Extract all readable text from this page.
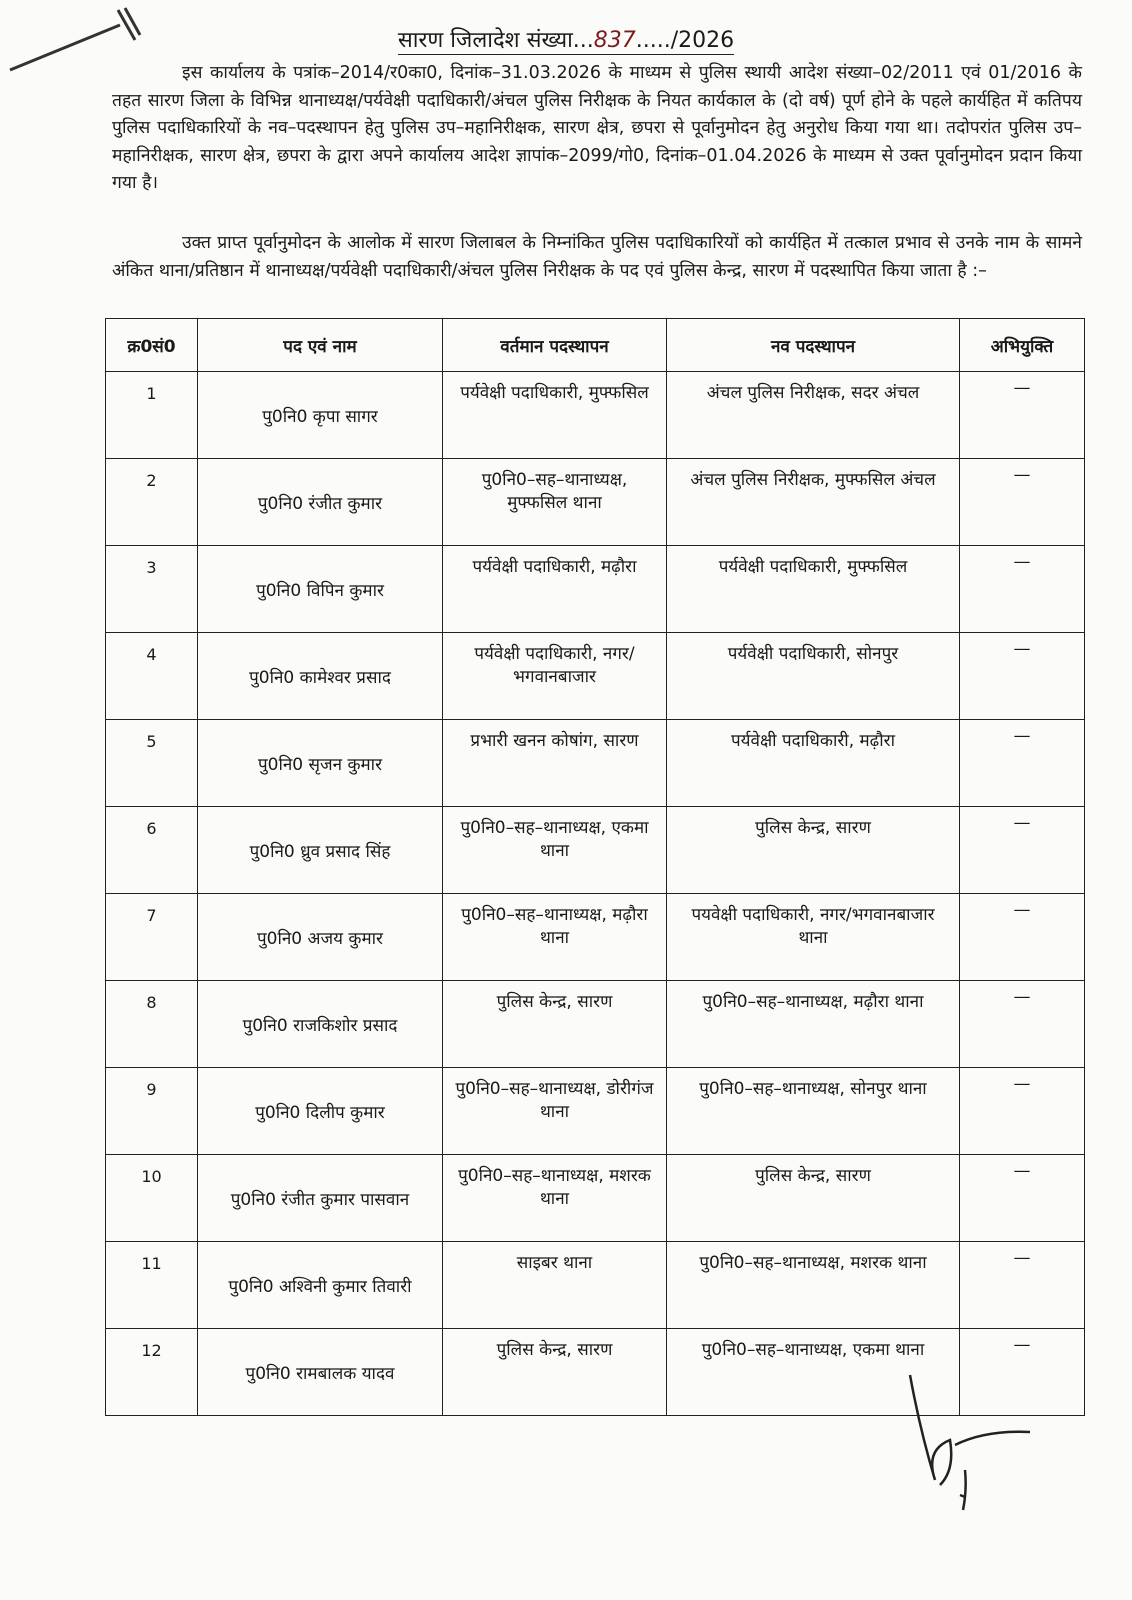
सारण जिलादेश संख्या...837...../2026
इस कार्यालय के पत्रांक–2014/र0का0, दिनांक–31.03.2026 के माध्यम से पुलिस स्थायी आदेश संख्या–02/2011 एवं 01/2016 के तहत सारण जिला के विभिन्न थानाध्यक्ष/पर्यवेक्षी पदाधिकारी/अंचल पुलिस निरीक्षक के नियत कार्यकाल के (दो वर्ष) पूर्ण होने के पहले कार्यहित में कतिपय पुलिस पदाधिकारियों के नव–पदस्थापन हेतु पुलिस उप–महानिरीक्षक, सारण क्षेत्र, छपरा से पूर्वानुमोदन हेतु अनुरोध किया गया था। तदोपरांत पुलिस उप–महानिरीक्षक, सारण क्षेत्र, छपरा के द्वारा अपने कार्यालय आदेश ज्ञापांक–2099/गो0, दिनांक–01.04.2026 के माध्यम से उक्त पूर्वानुमोदन प्रदान किया गया है।
उक्त प्राप्त पूर्वानुमोदन के आलोक में सारण जिलाबल के निम्नांकित पुलिस पदाधिकारियों को कार्यहित में तत्काल प्रभाव से उनके नाम के सामने अंकित थाना/प्रतिष्ठान में थानाध्यक्ष/पर्यवेक्षी पदाधिकारी/अंचल पुलिस निरीक्षक के पद एवं पुलिस केन्द्र, सारण में पदस्थापित किया जाता है :–
क्र0सं0	पद एवं नाम	वर्तमान पदस्थापन	नव पदस्थापन	अभियुक्ति
1	पु0नि0 कृपा सागर	पर्यवेक्षी पदाधिकारी, मुफ्फसिल	अंचल पुलिस निरीक्षक, सदर अंचल	—
2	पु0नि0 रंजीत कुमार	पु0नि0–सह–थानाध्यक्ष, मुफ्फसिल थाना	अंचल पुलिस निरीक्षक, मुफ्फसिल अंचल	—
3	पु0नि0 विपिन कुमार	पर्यवेक्षी पदाधिकारी, मढ़ौरा	पर्यवेक्षी पदाधिकारी, मुफ्फसिल	—
4	पु0नि0 कामेश्वर प्रसाद	पर्यवेक्षी पदाधिकारी, नगर/भगवानबाजार	पर्यवेक्षी पदाधिकारी, सोनपुर	—
5	पु0नि0 सृजन कुमार	प्रभारी खनन कोषांग, सारण	पर्यवेक्षी पदाधिकारी, मढ़ौरा	—
6	पु0नि0 ध्रुव प्रसाद सिंह	पु0नि0–सह–थानाध्यक्ष, एकमा थाना	पुलिस केन्द्र, सारण	—
7	पु0नि0 अजय कुमार	पु0नि0–सह–थानाध्यक्ष, मढ़ौरा थाना	पयवेक्षी पदाधिकारी, नगर/भगवानबाजार थाना	—
8	पु0नि0 राजकिशोर प्रसाद	पुलिस केन्द्र, सारण	पु0नि0–सह–थानाध्यक्ष, मढ़ौरा थाना	—
9	पु0नि0 दिलीप कुमार	पु0नि0–सह–थानाध्यक्ष, डोरीगंज थाना	पु0नि0–सह–थानाध्यक्ष, सोनपुर थाना	—
10	पु0नि0 रंजीत कुमार पासवान	पु0नि0–सह–थानाध्यक्ष, मशरक थाना	पुलिस केन्द्र, सारण	—
11	पु0नि0 अश्विनी कुमार तिवारी	साइबर थाना	पु0नि0–सह–थानाध्यक्ष, मशरक थाना	—
12	पु0नि0 रामबालक यादव	पुलिस केन्द्र, सारण	पु0नि0–सह–थानाध्यक्ष, एकमा थाना	—
